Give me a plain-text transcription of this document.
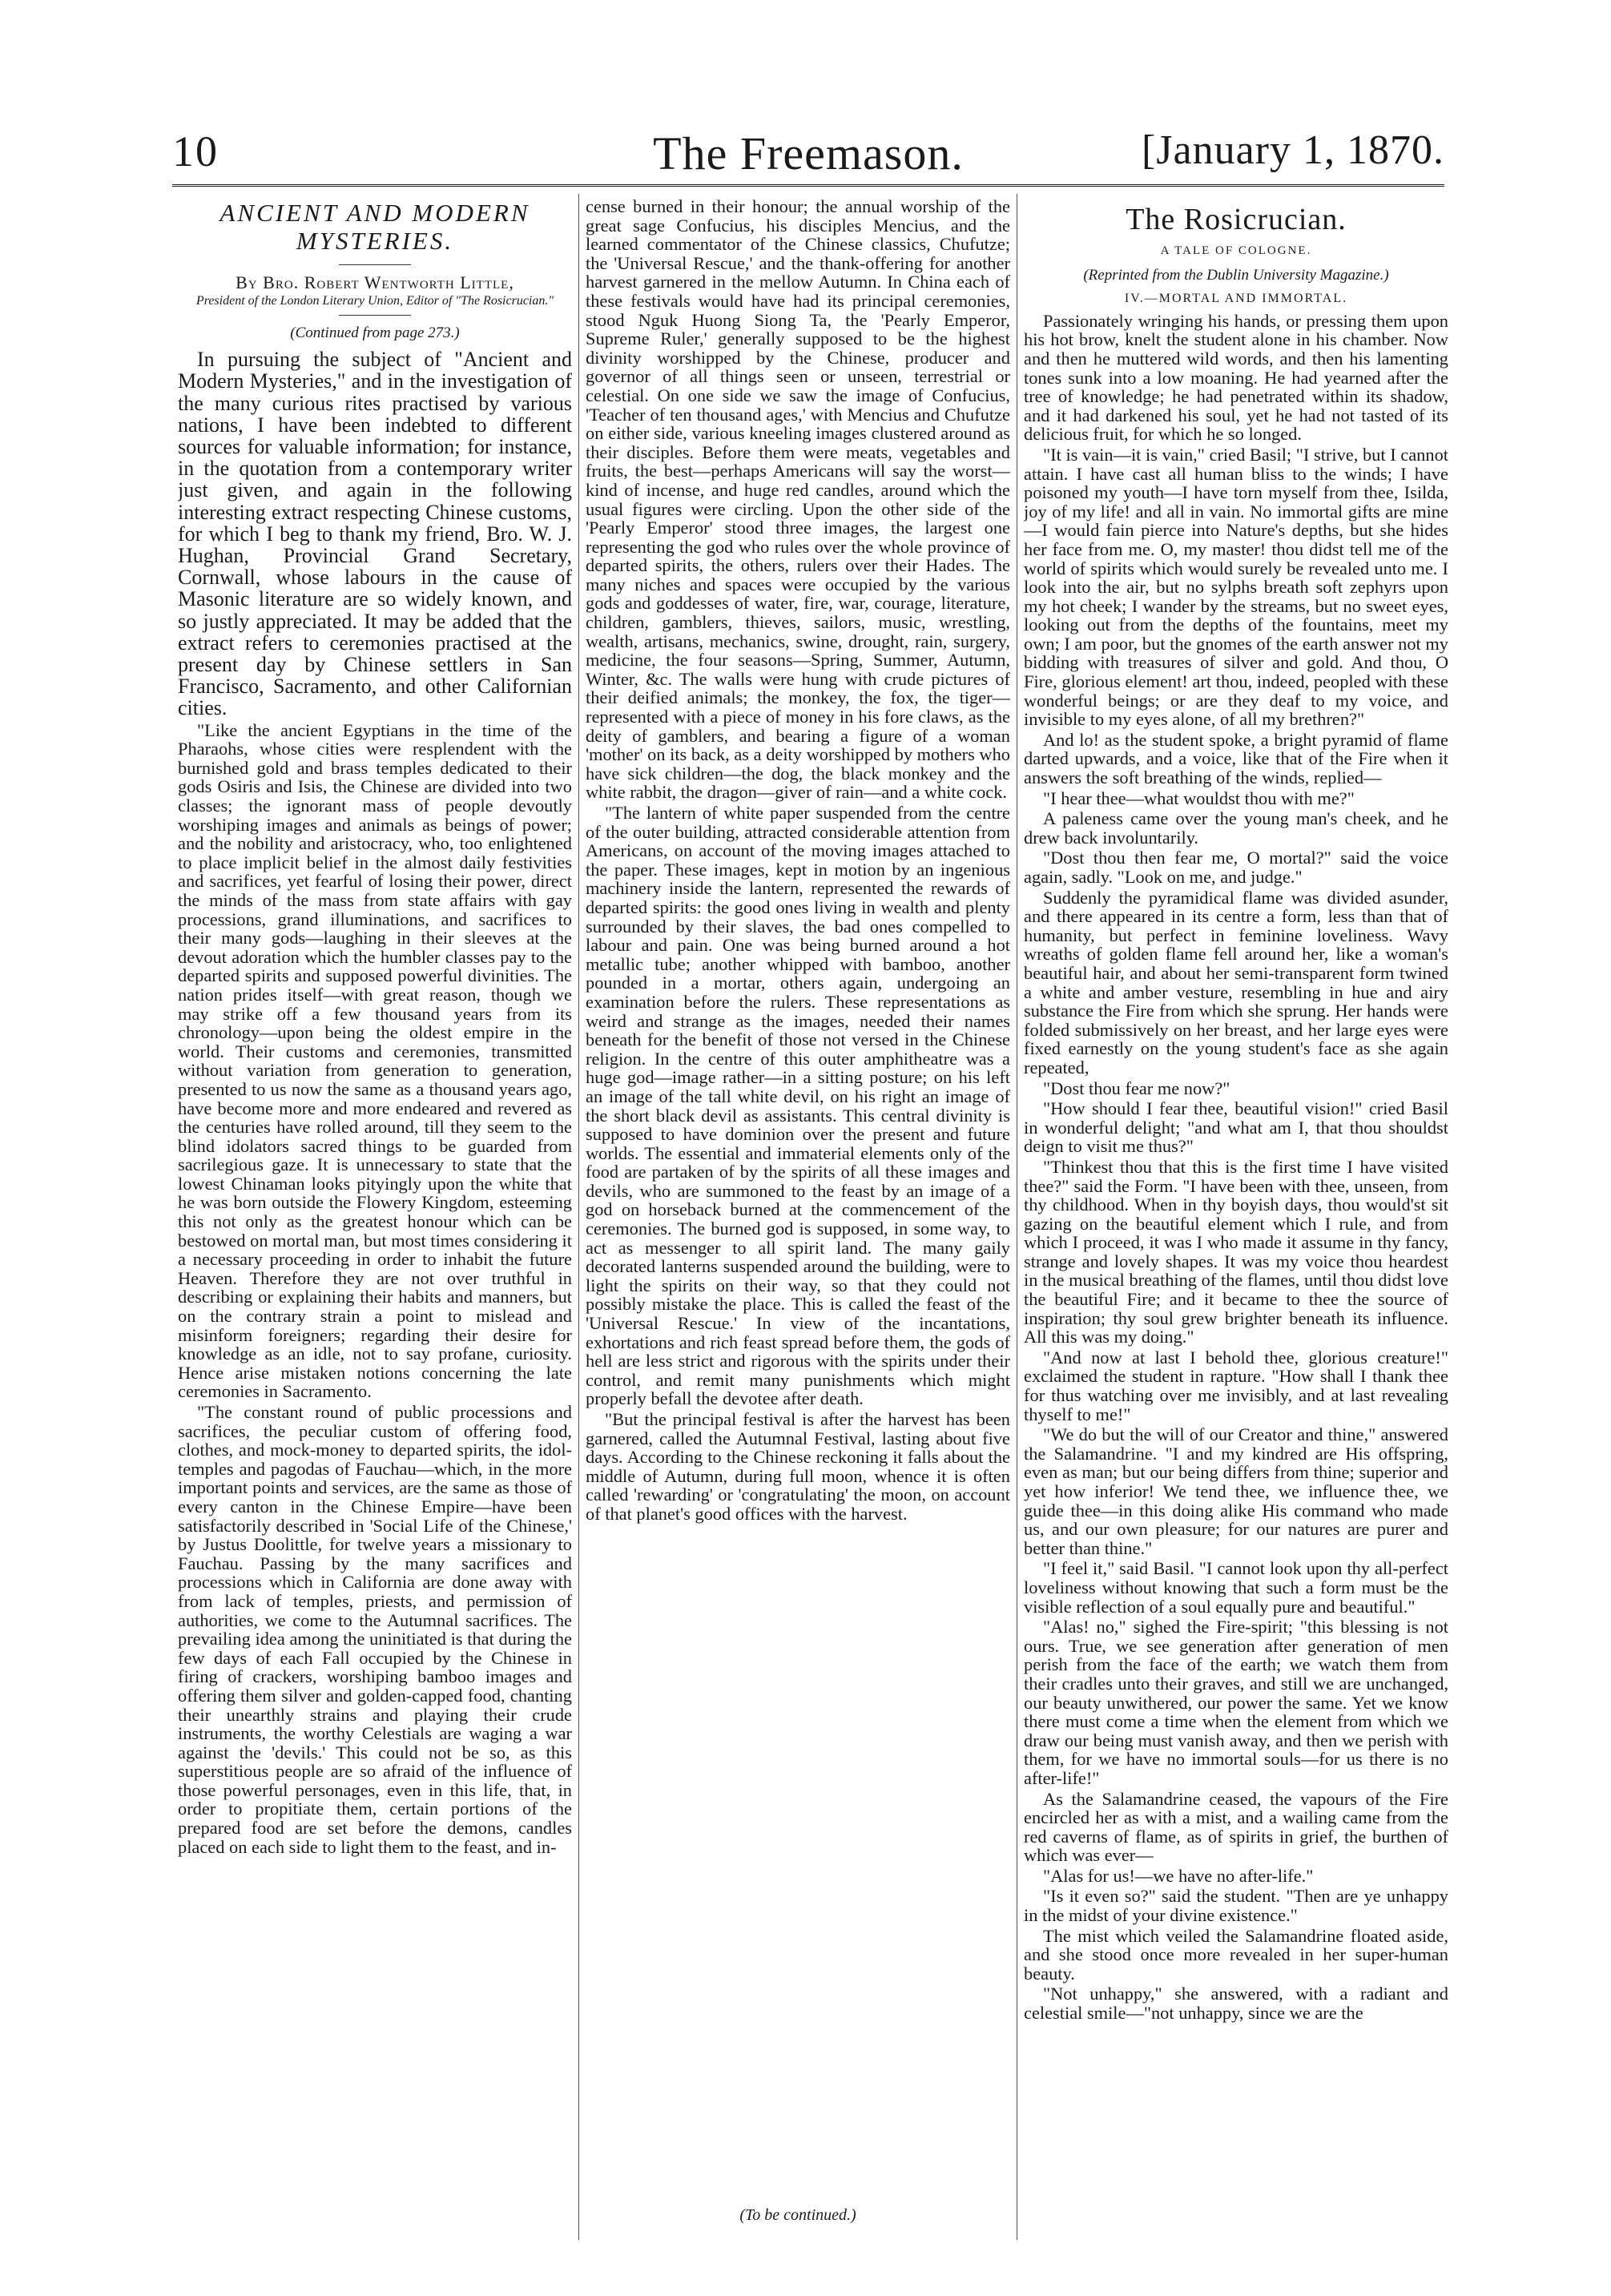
10	The Freemason.	[January 1, 1870.
ANCIENT AND MODERN MYSTERIES.
By Bro. Robert Wentworth Little,
President of the London Literary Union, Editor of "The Rosicrucian."
(Continued from page 273.)

In pursuing the subject of "Ancient and Modern Mysteries," and in the investigation of the many curious rites practised by various nations, I have been indebted to different sources for valuable information; for instance, in the quotation from a contemporary writer just given, and again in the following interesting extract respecting Chinese customs, for which I beg to thank my friend, Bro. W. J. Hughan, Provincial Grand Secretary, Cornwall, whose labours in the cause of Masonic literature are so widely known, and so justly appreciated. It may be added that the extract refers to ceremonies practised at the present day by Chinese settlers in San Francisco, Sacramento, and other Californian cities.

"Like the ancient Egyptians in the time of the Pharaohs, whose cities were resplendent with the burnished gold and brass temples dedicated to their gods Osiris and Isis, the Chinese are divided into two classes; the ignorant mass of people devoutly worshiping images and animals as beings of power; and the nobility and aristocracy, who, too enlightened to place implicit belief in the almost daily festivities and sacrifices, yet fearful of losing their power, direct the minds of the mass from state affairs with gay processions, grand illuminations, and sacrifices to their many gods—laughing in their sleeves at the devout adoration which the humbler classes pay to the departed spirits and supposed powerful divinities. The nation prides itself—with great reason, though we may strike off a few thousand years from its chronology—upon being the oldest empire in the world. Their customs and ceremonies, transmitted without variation from generation to generation, presented to us now the same as a thousand years ago, have become more and more endeared and revered as the centuries have rolled around, till they seem to the blind idolators sacred things to be guarded from sacrilegious gaze. It is unnecessary to state that the lowest Chinaman looks pityingly upon the white that he was born outside the Flowery Kingdom, esteeming this not only as the greatest honour which can be bestowed on mortal man, but most times considering it a necessary proceeding in order to inhabit the future Heaven. Therefore they are not over truthful in describing or explaining their habits and manners, but on the contrary strain a point to mislead and misinform foreigners; regarding their desire for knowledge as an idle, not to say profane, curiosity. Hence arise mistaken notions concerning the late ceremonies in Sacramento.

"The constant round of public processions and sacrifices, the peculiar custom of offering food, clothes, and mock-money to departed spirits, the idol-temples and pagodas of Fauchau—which, in the more important points and services, are the same as those of every canton in the Chinese Empire—have been satisfactorily described in 'Social Life of the Chinese,' by Justus Doolittle, for twelve years a missionary to Fauchau. Passing by the many sacrifices and processions which in California are done away with from lack of temples, priests, and permission of authorities, we come to the Autumnal sacrifices. The prevailing idea among the uninitiated is that during the few days of each Fall occupied by the Chinese in firing of crackers, worshiping bamboo images and offering them silver and golden-capped food, chanting their unearthly strains and playing their crude instruments, the worthy Celestials are waging a war against the 'devils.' This could not be so, as this superstitious people are so afraid of the influence of those powerful personages, even in this life, that, in order to propitiate them, certain portions of the prepared food are set before the demons, candles placed on each side to light them to the feast, and in-

cense burned in their honour; the annual worship of the great sage Confucius, his disciples Mencius, and the learned commentator of the Chinese classics, Chufutze; the 'Universal Rescue,' and the thank-offering for another harvest garnered in the mellow Autumn. In China each of these festivals would have had its principal ceremonies, stood Nguk Huong Siong Ta, the 'Pearly Emperor, Supreme Ruler,' generally supposed to be the highest divinity worshipped by the Chinese, producer and governor of all things seen or unseen, terrestrial or celestial. On one side we saw the image of Confucius, 'Teacher of ten thousand ages,' with Mencius and Chufutze on either side, various kneeling images clustered around as their disciples. Before them were meats, vegetables and fruits, the best—perhaps Americans will say the worst—kind of incense, and huge red candles, around which the usual figures were circling. Upon the other side of the 'Pearly Emperor' stood three images, the largest one representing the god who rules over the whole province of departed spirits, the others, rulers over their Hades. The many niches and spaces were occupied by the various gods and goddesses of water, fire, war, courage, literature, children, gamblers, thieves, sailors, music, wrestling, wealth, artisans, mechanics, swine, drought, rain, surgery, medicine, the four seasons—Spring, Summer, Autumn, Winter, &c. The walls were hung with crude pictures of their deified animals; the monkey, the fox, the tiger—represented with a piece of money in his fore claws, as the deity of gamblers, and bearing a figure of a woman 'mother' on its back, as a deity worshipped by mothers who have sick children—the dog, the black monkey and the white rabbit, the dragon—giver of rain—and a white cock.

"The lantern of white paper suspended from the centre of the outer building, attracted considerable attention from Americans, on account of the moving images attached to the paper. These images, kept in motion by an ingenious machinery inside the lantern, represented the rewards of departed spirits: the good ones living in wealth and plenty surrounded by their slaves, the bad ones compelled to labour and pain. One was being burned around a hot metallic tube; another whipped with bamboo, another pounded in a mortar, others again, undergoing an examination before the rulers. These representations as weird and strange as the images, needed their names beneath for the benefit of those not versed in the Chinese religion. In the centre of this outer amphitheatre was a huge god—image rather—in a sitting posture; on his left an image of the tall white devil, on his right an image of the short black devil as assistants. This central divinity is supposed to have dominion over the present and future worlds. The essential and immaterial elements only of the food are partaken of by the spirits of all these images and devils, who are summoned to the feast by an image of a god on horseback burned at the commencement of the ceremonies. The burned god is supposed, in some way, to act as messenger to all spirit land. The many gaily decorated lanterns suspended around the building, were to light the spirits on their way, so that they could not possibly mistake the place. This is called the feast of the 'Universal Rescue.' In view of the incantations, exhortations and rich feast spread before them, the gods of hell are less strict and rigorous with the spirits under their control, and remit many punishments which might properly befall the devotee after death.

"But the principal festival is after the harvest has been garnered, called the Autumnal Festival, lasting about five days. According to the Chinese reckoning it falls about the middle of Autumn, during full moon, whence it is often called 'rewarding' or 'congratulating' the moon, on account of that planet's good offices with the harvest.

(To be continued.)
The Rosicrucian.
A TALE OF COLOGNE.
(Reprinted from the Dublin University Magazine.)
IV.—MORTAL AND IMMORTAL.

Passionately wringing his hands, or pressing them upon his hot brow, knelt the student alone in his chamber. Now and then he muttered wild words, and then his lamenting tones sunk into a low moaning. He had yearned after the tree of knowledge; he had penetrated within its shadow, and it had darkened his soul, yet he had not tasted of its delicious fruit, for which he so longed.

"It is vain—it is vain," cried Basil; "I strive, but I cannot attain. I have cast all human bliss to the winds; I have poisoned my youth—I have torn myself from thee, Isilda, joy of my life! and all in vain. No immortal gifts are mine—I would fain pierce into Nature's depths, but she hides her face from me. O, my master! thou didst tell me of the world of spirits which would surely be revealed unto me. I look into the air, but no sylphs breath soft zephyrs upon my hot cheek; I wander by the streams, but no sweet eyes, looking out from the depths of the fountains, meet my own; I am poor, but the gnomes of the earth answer not my bidding with treasures of silver and gold. And thou, O Fire, glorious element! art thou, indeed, peopled with these wonderful beings; or are they deaf to my voice, and invisible to my eyes alone, of all my brethren?"

And lo! as the student spoke, a bright pyramid of flame darted upwards, and a voice, like that of the Fire when it answers the soft breathing of the winds, replied—

"I hear thee—what wouldst thou with me?"

A paleness came over the young man's cheek, and he drew back involuntarily.

"Dost thou then fear me, O mortal?" said the voice again, sadly. "Look on me, and judge."

Suddenly the pyramidical flame was divided asunder, and there appeared in its centre a form, less than that of humanity, but perfect in feminine loveliness. Wavy wreaths of golden flame fell around her, like a woman's beautiful hair, and about her semi-transparent form twined a white and amber vesture, resembling in hue and airy substance the Fire from which she sprung. Her hands were folded submissively on her breast, and her large eyes were fixed earnestly on the young student's face as she again repeated,

"Dost thou fear me now?"

"How should I fear thee, beautiful vision!" cried Basil in wonderful delight; "and what am I, that thou shouldst deign to visit me thus?"

"Thinkest thou that this is the first time I have visited thee?" said the Form. "I have been with thee, unseen, from thy childhood. When in thy boyish days, thou would'st sit gazing on the beautiful element which I rule, and from which I proceed, it was I who made it assume in thy fancy, strange and lovely shapes. It was my voice thou heardest in the musical breathing of the flames, until thou didst love the beautiful Fire; and it became to thee the source of inspiration; thy soul grew brighter beneath its influence. All this was my doing."

"And now at last I behold thee, glorious creature!" exclaimed the student in rapture. "How shall I thank thee for thus watching over me invisibly, and at last revealing thyself to me!"

"We do but the will of our Creator and thine," answered the Salamandrine. "I and my kindred are His offspring, even as man; but our being differs from thine; superior and yet how inferior! We tend thee, we influence thee, we guide thee—in this doing alike His command who made us, and our own pleasure; for our natures are purer and better than thine."

"I feel it," said Basil. "I cannot look upon thy all-perfect loveliness without knowing that such a form must be the visible reflection of a soul equally pure and beautiful."

"Alas! no," sighed the Fire-spirit; "this blessing is not ours. True, we see generation after generation of men perish from the face of the earth; we watch them from their cradles unto their graves, and still we are unchanged, our beauty unwithered, our power the same. Yet we know there must come a time when the element from which we draw our being must vanish away, and then we perish with them, for we have no immortal souls—for us there is no after-life!"

As the Salamandrine ceased, the vapours of the Fire encircled her as with a mist, and a wailing came from the red caverns of flame, as of spirits in grief, the burthen of which was ever—

"Alas for us!—we have no after-life."

"Is it even so?" said the student. "Then are ye unhappy in the midst of your divine existence."

The mist which veiled the Salamandrine floated aside, and she stood once more revealed in her super-human beauty.

"Not unhappy," she answered, with a radiant and celestial smile—"not unhappy, since we are the
